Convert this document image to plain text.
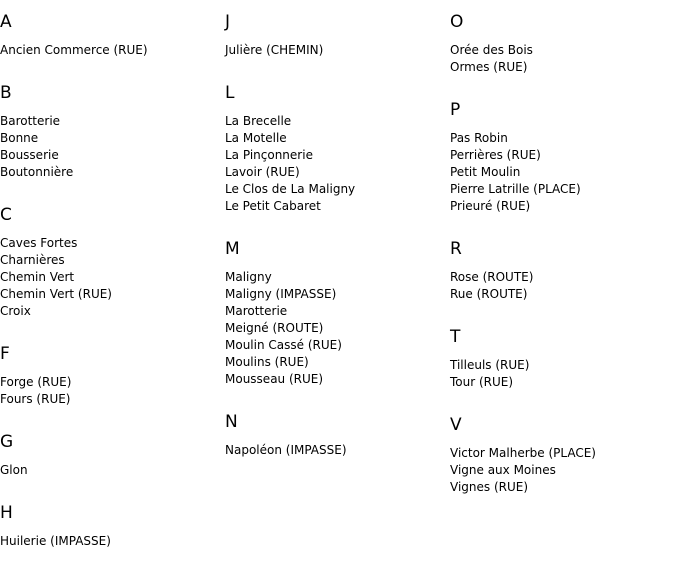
A
Ancien Commerce (RUE)
B
Barotterie
Bonne
Bousserie
Boutonnière
C
Caves Fortes
Charnières
Chemin Vert
Chemin Vert (RUE)
Croix
F
Forge (RUE)
Fours (RUE)
G
Glon
H
Huilerie (IMPASSE)
J
Julière (CHEMIN)
L
La Brecelle
La Motelle
La Pinçonnerie
Lavoir (RUE)
Le Clos de La Maligny
Le Petit Cabaret
M
Maligny
Maligny (IMPASSE)
Marotterie
Meigné (ROUTE)
Moulin Cassé (RUE)
Moulins (RUE)
Mousseau (RUE)
N
Napoléon (IMPASSE)
O
Orée des Bois
Ormes (RUE)
P
Pas Robin
Perrières (RUE)
Petit Moulin
Pierre Latrille (PLACE)
Prieuré (RUE)
R
Rose (ROUTE)
Rue (ROUTE)
T
Tilleuls (RUE)
Tour (RUE)
V
Victor Malherbe (PLACE)
Vigne aux Moines
Vignes (RUE)
